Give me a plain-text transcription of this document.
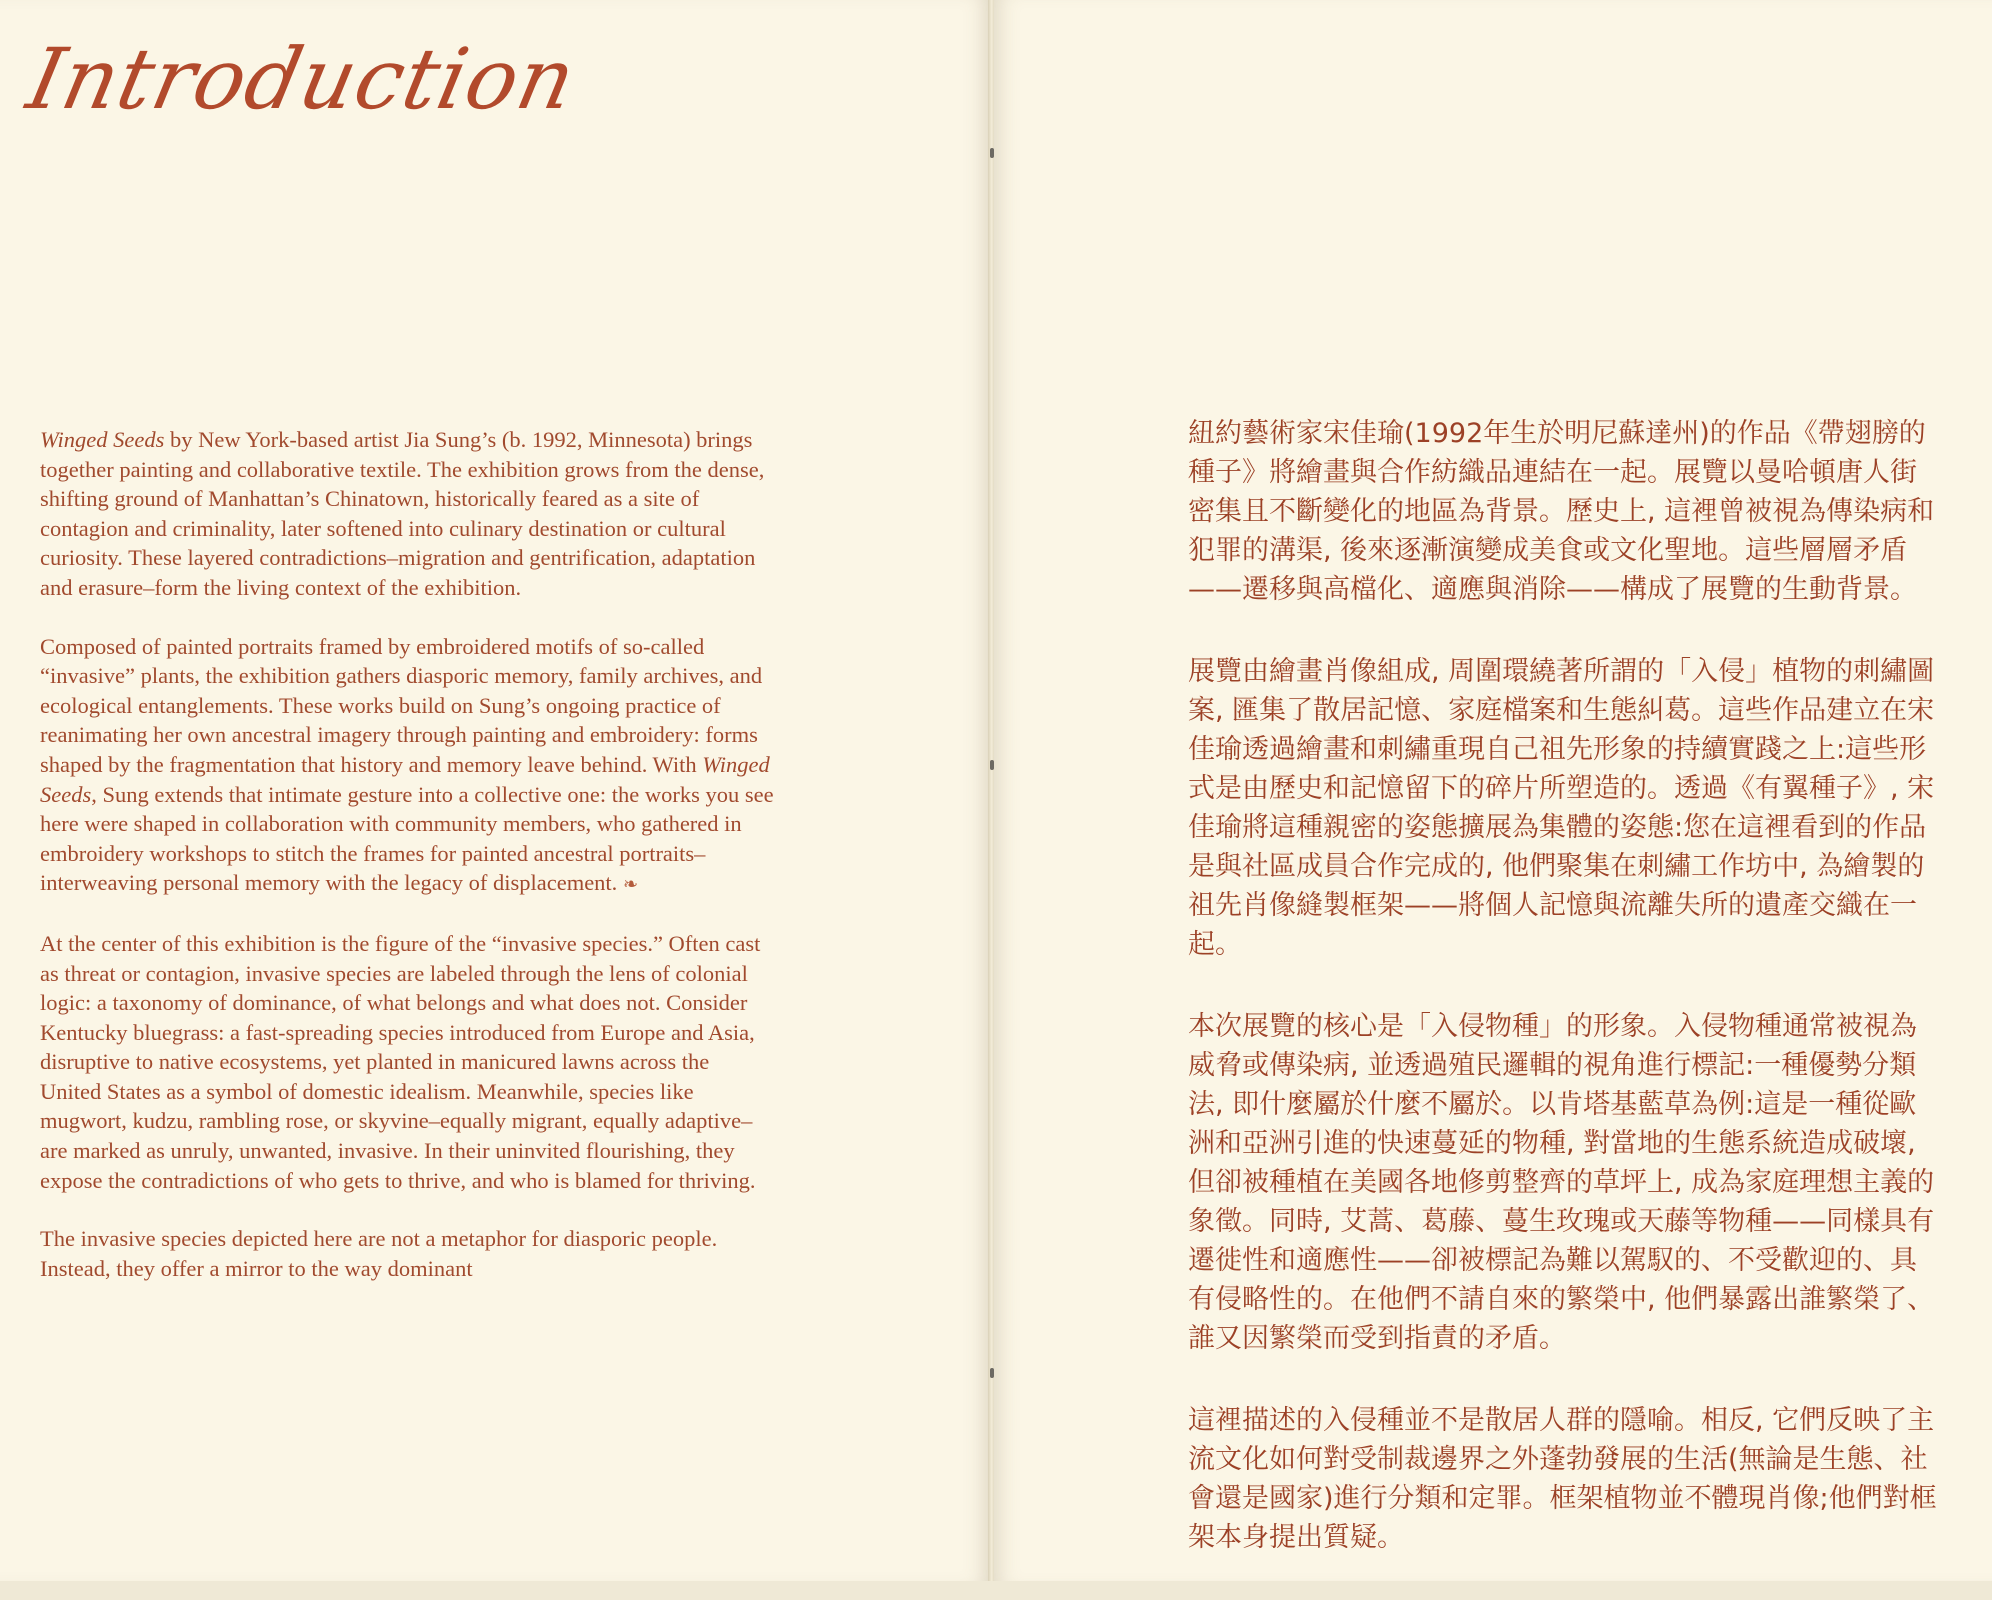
Introduction

Winged Seeds by New York-based artist Jia Sung’s (b. 1992, Minnesota) brings together painting and collaborative textile. The exhibition grows from the dense, shifting ground of Manhattan’s Chinatown, historically feared as a site of contagion and criminality, later softened into culinary destination or cultural curiosity. These layered contradictions–migration and gentrification, adaptation and erasure–form the living context of the exhibition.

Composed of painted portraits framed by embroidered motifs of so-called “invasive” plants, the exhibition gathers diasporic memory, family archives, and ecological entanglements. These works build on Sung’s ongoing practice of reanimating her own ancestral imagery through painting and embroidery: forms shaped by the fragmentation that history and memory leave behind. With Winged Seeds, Sung extends that intimate gesture into a collective one: the works you see here were shaped in collaboration with community members, who gathered in embroidery workshops to stitch the frames for painted ancestral portraits–interweaving personal memory with the legacy of displacement. ❧

At the center of this exhibition is the figure of the “invasive species.” Often cast as threat or contagion, invasive species are labeled through the lens of colonial logic: a taxonomy of dominance, of what belongs and what does not. Consider Kentucky bluegrass: a fast-spreading species introduced from Europe and Asia, disruptive to native ecosystems, yet planted in manicured lawns across the United States as a symbol of domestic idealism. Meanwhile, species like mugwort, kudzu, rambling rose, or skyvine–equally migrant, equally adaptive–are marked as unruly, unwanted, invasive. In their uninvited flourishing, they expose the contradictions of who gets to thrive, and who is blamed for thriving.

The invasive species depicted here are not a metaphor for diasporic people. Instead, they offer a mirror to the way dominant

紐約藝術家宋佳瑜(1992年生於明尼蘇達州)的作品《帶翅膀的種子》將繪畫與合作紡織品連結在一起。展覽以曼哈頓唐人街密集且不斷變化的地區為背景。歷史上, 這裡曾被視為傳染病和犯罪的溝渠, 後來逐漸演變成美食或文化聖地。這些層層矛盾——遷移與高檔化、適應與消除——構成了展覽的生動背景。

展覽由繪畫肖像組成, 周圍環繞著所謂的「入侵」植物的刺繡圖案, 匯集了散居記憶、家庭檔案和生態糾葛。這些作品建立在宋佳瑜透過繪畫和刺繡重現自己祖先形象的持續實踐之上:這些形式是由歷史和記憶留下的碎片所塑造的。透過《有翼種子》, 宋佳瑜將這種親密的姿態擴展為集體的姿態:您在這裡看到的作品是與社區成員合作完成的, 他們聚集在刺繡工作坊中, 為繪製的祖先肖像縫製框架——將個人記憶與流離失所的遺產交織在一起。

本次展覽的核心是「入侵物種」的形象。入侵物種通常被視為威脅或傳染病, 並透過殖民邏輯的視角進行標記:一種優勢分類法, 即什麼屬於什麼不屬於。以肯塔基藍草為例:這是一種從歐洲和亞洲引進的快速蔓延的物種, 對當地的生態系統造成破壞, 但卻被種植在美國各地修剪整齊的草坪上, 成為家庭理想主義的象徵。同時, 艾蒿、葛藤、蔓生玫瑰或天藤等物種——同樣具有遷徙性和適應性——卻被標記為難以駕馭的、不受歡迎的、具有侵略性的。在他們不請自來的繁榮中, 他們暴露出誰繁榮了、誰又因繁榮而受到指責的矛盾。

這裡描述的入侵種並不是散居人群的隱喻。相反, 它們反映了主流文化如何對受制裁邊界之外蓬勃發展的生活(無論是生態、社會還是國家)進行分類和定罪。框架植物並不體現肖像;他們對框架本身提出質疑。
